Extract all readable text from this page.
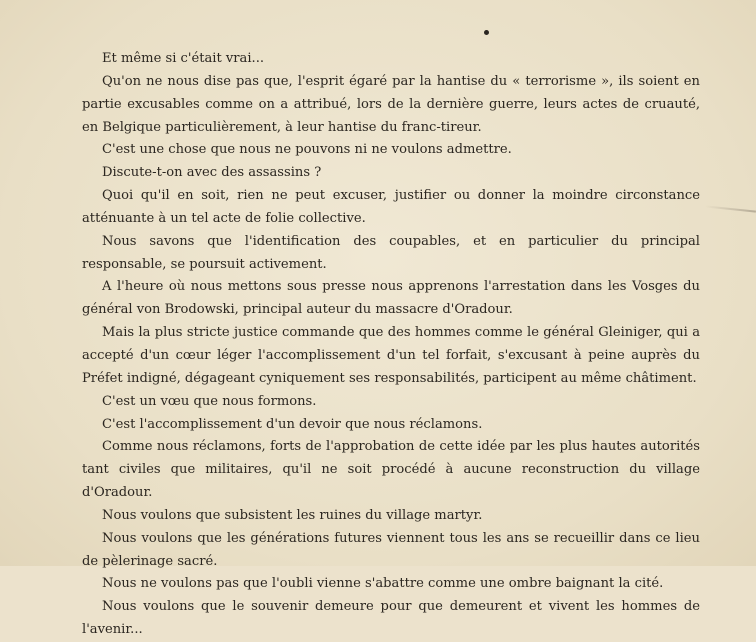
Et même si c'était vrai...

Qu'on ne nous dise pas que, l'esprit égaré par la hantise du « terrorisme », ils soient en partie excusables comme on a attribué, lors de la dernière guerre, leurs actes de cruauté, en Belgique particulièrement, à leur hantise du franc-tireur.

C'est une chose que nous ne pouvons ni ne voulons admettre.

Discute-t-on avec des assassins ?

Quoi qu'il en soit, rien ne peut excuser, justifier ou donner la moindre circonstance atténuante à un tel acte de folie collective.

Nous savons que l'identification des coupables, et en particulier du principal responsable, se poursuit activement.

A l'heure où nous mettons sous presse nous apprenons l'arrestation dans les Vosges du général von Brodowski, principal auteur du massacre d'Oradour.

Mais la plus stricte justice commande que des hommes comme le général Gleiniger, qui a accepté d'un cœur léger l'accomplissement d'un tel forfait, s'excusant à peine auprès du Préfet indigné, dégageant cyniquement ses responsabilités, participent au même châtiment.

C'est un vœu que nous formons.

C'est l'accomplissement d'un devoir que nous réclamons.

Comme nous réclamons, forts de l'approbation de cette idée par les plus hautes autorités tant civiles que militaires, qu'il ne soit procédé à aucune reconstruction du village d'Oradour.

Nous voulons que subsistent les ruines du village martyr.

Nous voulons que les générations futures viennent tous les ans se recueillir dans ce lieu de pèlerinage sacré.

Nous ne voulons pas que l'oubli vienne s'abattre comme une ombre baignant la cité.

Nous voulons que le souvenir demeure pour que demeurent et vivent les hommes de l'avenir...
